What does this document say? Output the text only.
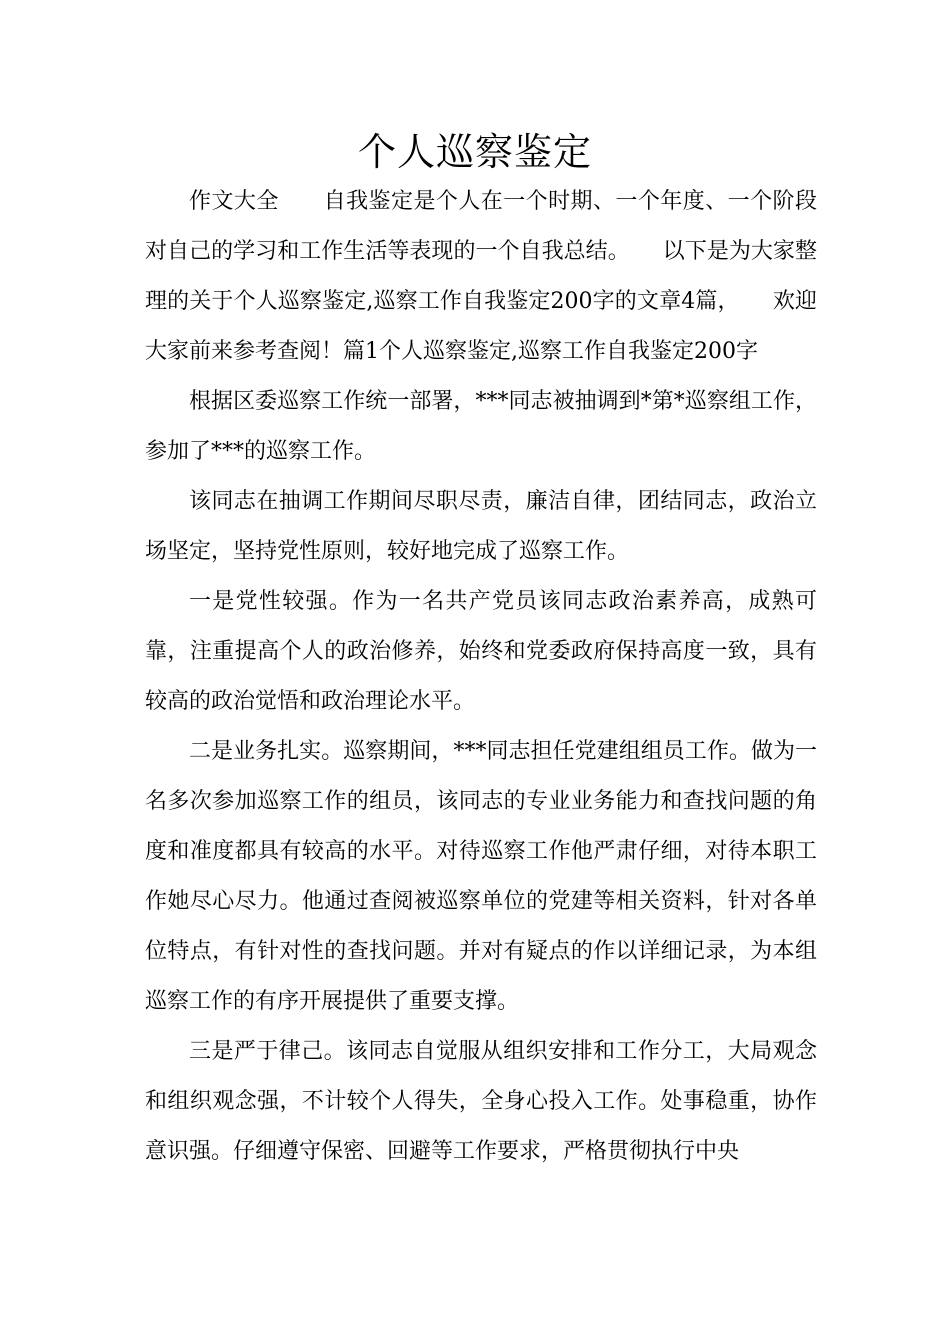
个人巡察鉴定

作文大全　　自我鉴定是个人在一个时期、一个年度、一个阶段对自己的学习和工作生活等表现的一个自我总结。　　以下是为大家整理的关于个人巡察鉴定,巡察工作自我鉴定200字的文章4篇，　　欢迎大家前来参考查阅！篇1个人巡察鉴定,巡察工作自我鉴定200字

根据区委巡察工作统一部署，***同志被抽调到*第*巡察组工作，参加了***的巡察工作。

该同志在抽调工作期间尽职尽责，廉洁自律，团结同志，政治立场坚定，坚持党性原则，较好地完成了巡察工作。

一是党性较强。作为一名共产党员该同志政治素养高，成熟可靠，注重提高个人的政治修养，始终和党委政府保持高度一致，具有较高的政治觉悟和政治理论水平。

二是业务扎实。巡察期间，***同志担任党建组组员工作。做为一名多次参加巡察工作的组员，该同志的专业业务能力和查找问题的角度和准度都具有较高的水平。对待巡察工作他严肃仔细，对待本职工作她尽心尽力。他通过查阅被巡察单位的党建等相关资料，针对各单位特点，有针对性的查找问题。并对有疑点的作以详细记录，为本组巡察工作的有序开展提供了重要支撑。

三是严于律己。该同志自觉服从组织安排和工作分工，大局观念和组织观念强，不计较个人得失，全身心投入工作。处事稳重，协作意识强。仔细遵守保密、回避等工作要求，严格贯彻执行中央
